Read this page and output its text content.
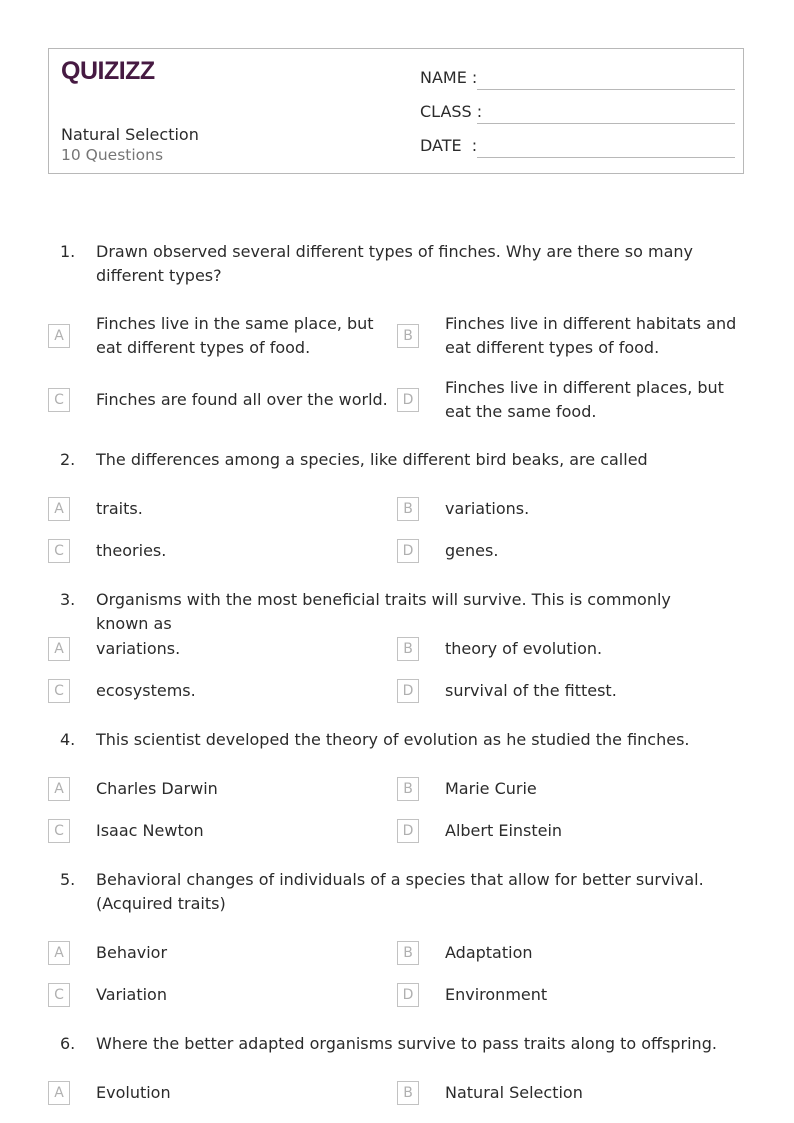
QUIZIZZ
Natural Selection
10 Questions
NAME :
CLASS :
DATE  :
1. Drawn observed several different types of finches. Why are there so many different types?
A
Finches live in the same place, but eat different types of food.
B
Finches live in different habitats and eat different types of food.
C	Finches are found all over the world.	D
Finches live in different places, but eat the same food.
2. The differences among a species, like different bird beaks, are called
A	traits.	B	variations.
C	theories.	D	genes.
3. Organisms with the most beneficial traits will survive. This is commonly known as
A	variations.	B	theory of evolution.
C	ecosystems.	D	survival of the fittest.
4. This scientist developed the theory of evolution as he studied the finches.
A	Charles Darwin	B	Marie Curie
C	Isaac Newton	D	Albert Einstein
5. Behavioral changes of individuals of a species that allow for better survival. (Acquired traits)
A	Behavior	B	Adaptation
C	Variation	D	Environment
6. Where the better adapted organisms survive to pass traits along to offspring.
A	Evolution	B	Natural Selection
